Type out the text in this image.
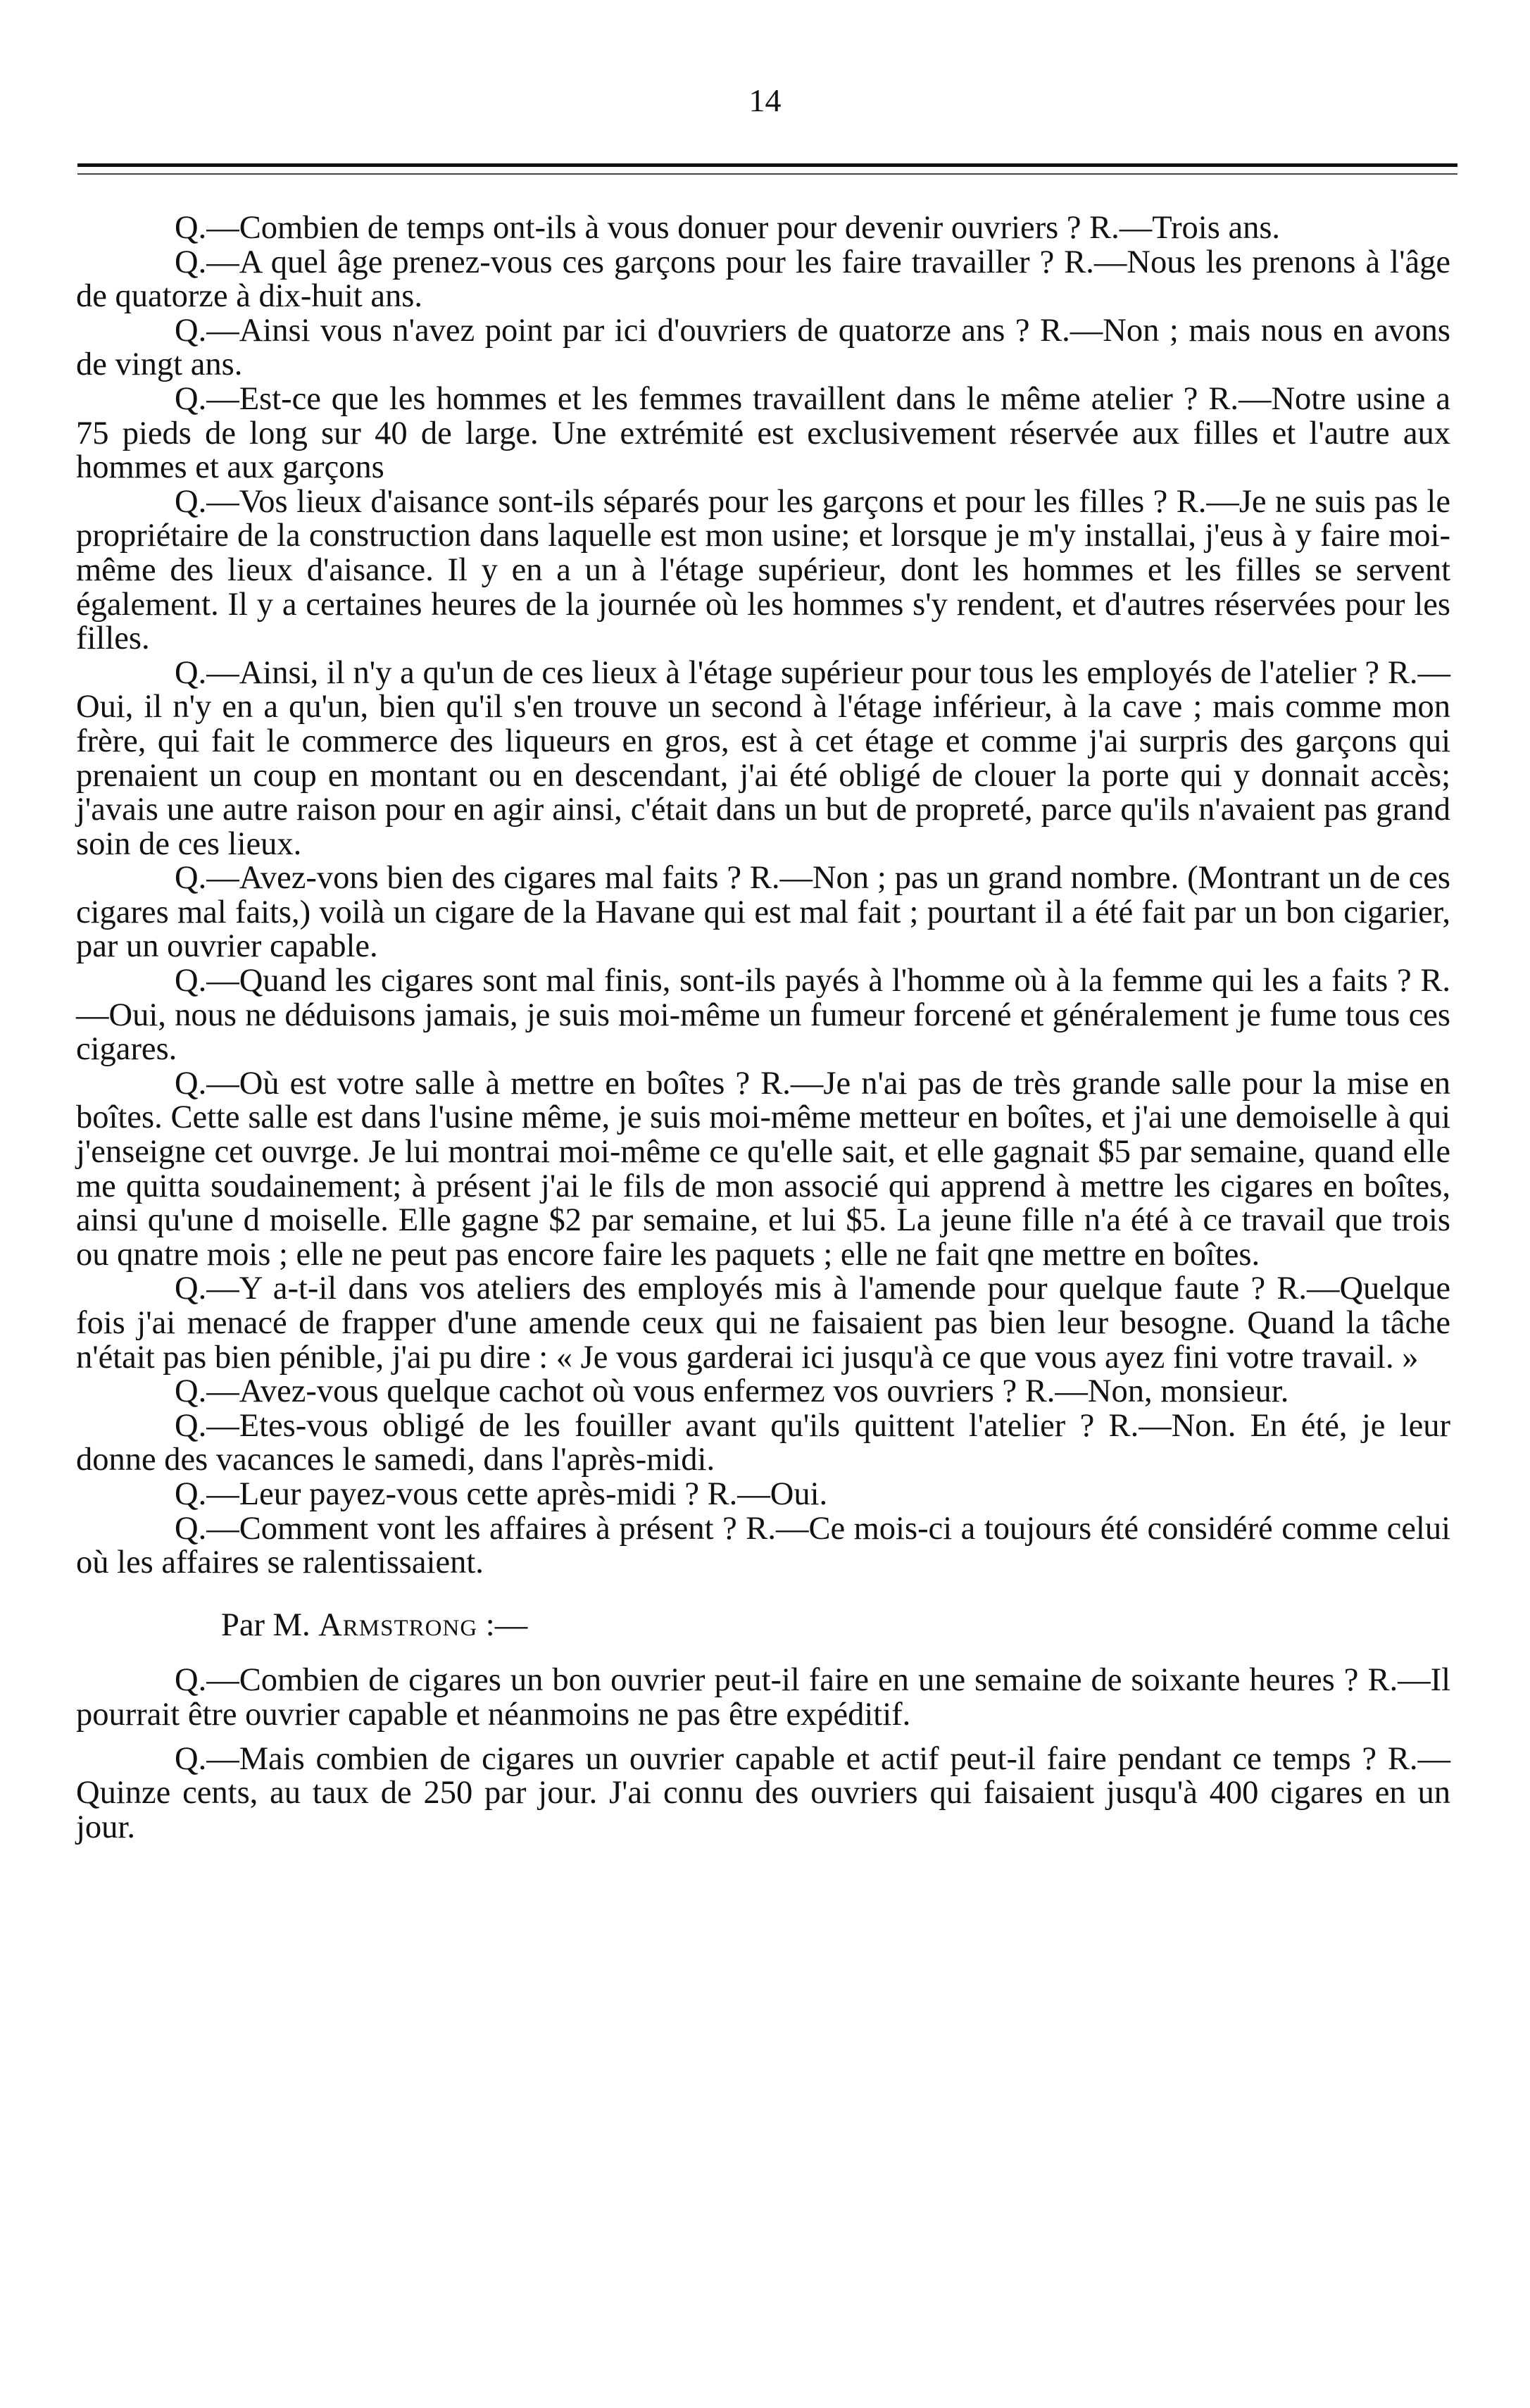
14

Q.—Combien de temps ont-ils à vous donuer pour devenir ouvriers ? R.—Trois ans.

Q.—A quel âge prenez-vous ces garçons pour les faire travailler ? R.—Nous les prenons à l'âge de quatorze à dix-huit ans.

Q.—Ainsi vous n'avez point par ici d'ouvriers de quatorze ans ? R.—Non ; mais nous en avons de vingt ans.

Q.—Est-ce que les hommes et les femmes travaillent dans le même atelier ? R.—Notre usine a 75 pieds de long sur 40 de large. Une extrémité est exclusivement réservée aux filles et l'autre aux hommes et aux garçons

Q.—Vos lieux d'aisance sont-ils séparés pour les garçons et pour les filles ? R.—Je ne suis pas le propriétaire de la construction dans laquelle est mon usine; et lorsque je m'y installai, j'eus à y faire moi-même des lieux d'aisance. Il y en a un à l'étage supérieur, dont les hommes et les filles se servent également. Il y a certaines heures de la journée où les hommes s'y rendent, et d'autres réservées pour les filles.

Q.—Ainsi, il n'y a qu'un de ces lieux à l'étage supérieur pour tous les employés de l'atelier ? R.—Oui, il n'y en a qu'un, bien qu'il s'en trouve un second à l'étage inférieur, à la cave ; mais comme mon frère, qui fait le commerce des liqueurs en gros, est à cet étage et comme j'ai surpris des garçons qui prenaient un coup en montant ou en descendant, j'ai été obligé de clouer la porte qui y donnait accès; j'avais une autre raison pour en agir ainsi, c'était dans un but de propreté, parce qu'ils n'avaient pas grand soin de ces lieux.

Q.—Avez-vons bien des cigares mal faits ? R.—Non ; pas un grand nombre. (Montrant un de ces cigares mal faits,) voilà un cigare de la Havane qui est mal fait ; pourtant il a été fait par un bon cigarier, par un ouvrier capable.

Q.—Quand les cigares sont mal finis, sont-ils payés à l'homme où à la femme qui les a faits ? R.—Oui, nous ne déduisons jamais, je suis moi-même un fumeur forcené et généralement je fume tous ces cigares.

Q.—Où est votre salle à mettre en boîtes ? R.—Je n'ai pas de très grande salle pour la mise en boîtes. Cette salle est dans l'usine même, je suis moi-même metteur en boîtes, et j'ai une demoiselle à qui j'enseigne cet ouvrge. Je lui montrai moi-même ce qu'elle sait, et elle gagnait $5 par semaine, quand elle me quitta soudainement; à présent j'ai le fils de mon associé qui apprend à mettre les cigares en boîtes, ainsi qu'une d moiselle. Elle gagne $2 par semaine, et lui $5. La jeune fille n'a été à ce travail que trois ou qnatre mois ; elle ne peut pas encore faire les paquets ; elle ne fait qne mettre en boîtes.

Q.—Y a-t-il dans vos ateliers des employés mis à l'amende pour quelque faute ? R.—Quelque fois j'ai menacé de frapper d'une amende ceux qui ne faisaient pas bien leur besogne. Quand la tâche n'était pas bien pénible, j'ai pu dire : « Je vous garderai ici jusqu'à ce que vous ayez fini votre travail. »

Q.—Avez-vous quelque cachot où vous enfermez vos ouvriers ? R.—Non, monsieur.

Q.—Etes-vous obligé de les fouiller avant qu'ils quittent l'atelier ? R.—Non. En été, je leur donne des vacances le samedi, dans l'après-midi.

Q.—Leur payez-vous cette après-midi ? R.—Oui.

Q.—Comment vont les affaires à présent ? R.—Ce mois-ci a toujours été considéré comme celui où les affaires se ralentissaient.

Par M. Armstrong :—

Q.—Combien de cigares un bon ouvrier peut-il faire en une semaine de soixante heures ? R.—Il pourrait être ouvrier capable et néanmoins ne pas être expéditif.

Q.—Mais combien de cigares un ouvrier capable et actif peut-il faire pendant ce temps ? R.—Quinze cents, au taux de 250 par jour. J'ai connu des ouvriers qui faisaient jusqu'à 400 cigares en un jour.
